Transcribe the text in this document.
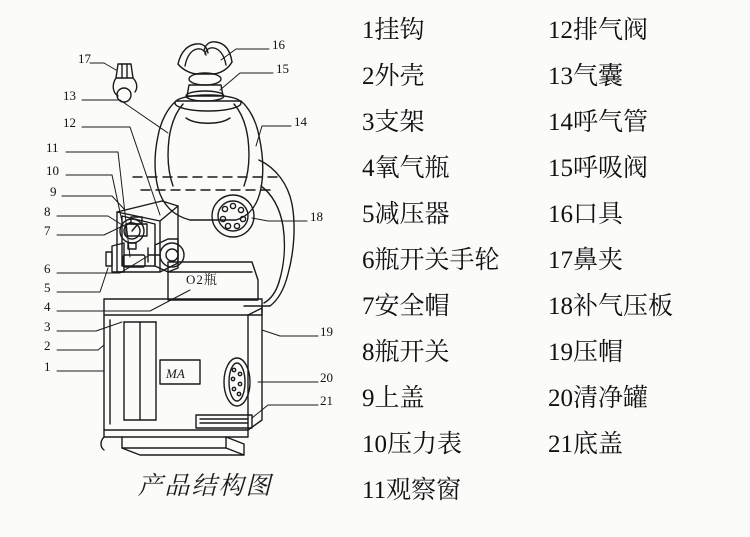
Ο2瓶
MA
1
2
3
4
5
6
7
8
9
10
11
12
13
14
15
16
17
18
19
20
21
产品结构图
1挂钩
2外壳
3支架
4氧气瓶
5减压器
6瓶开关手轮
7安全帽
8瓶开关
9上盖
10压力表
11观察窗
12排气阀
13气囊
14呼气管
15呼吸阀
16口具
17鼻夹
18补气压板
19压帽
20清净罐
21底盖
